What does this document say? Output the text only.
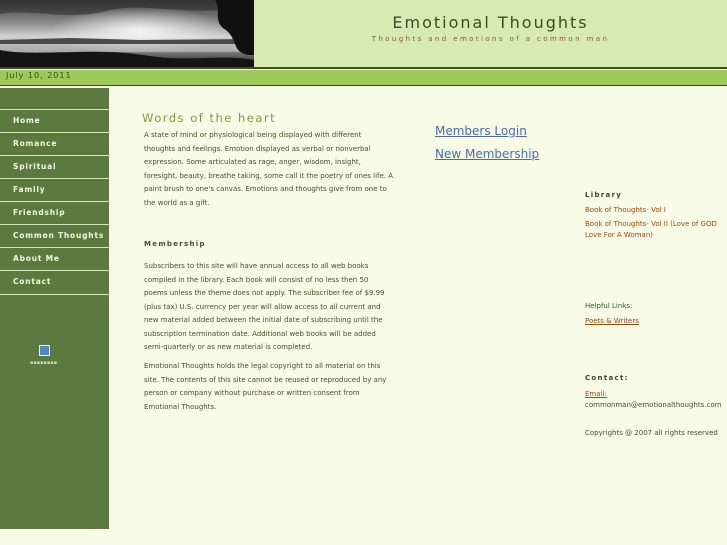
Emotional Thoughts
Thoughts and emotions of a common man
July 10, 2011
Home
Romance
Spiritual
Family
Friendship
Common Thoughts
About Me
Contact
▪▪▪▪▪▪▪▪
Words of the heart
A state of mind or physiological being displayed with different thoughts and feelings. Emotion displayed as verbal or nonverbal expression. Some articulated as rage, anger, wisdom, insight, foresight, beauty, breathe taking, some call it the poetry of ones life. A paint brush to one's canvas. Emotions and thoughts give from one to the world as a gift.
Membership
Subscribers to this site will have annual access to all web books compiled in the library. Each book will consist of no less then 50 poems unless the theme does not apply. The subscriber fee of $9.99 (plus tax) U.S. currency per year will allow access to all current and new material added between the initial date of subscribing until the subscription termination date. Additional web books will be added semi-quarterly or as new material is completed.
Emotional Thoughts holds the legal copyright to all material on this site. The contents of this site cannot be reused or reproduced by any person or company without purchase or written consent from Emotional Thoughts.
Members Login
New Membership
Library
Book of Thoughts- Vol I
Book of Thoughts- Vol II (Love of GOD Love For A Woman)
Helpful Links:
Poets & Writers
Contact:
Email:
commonman@emotionalthoughts.com
Copyrights @ 2007 all rights reserved
